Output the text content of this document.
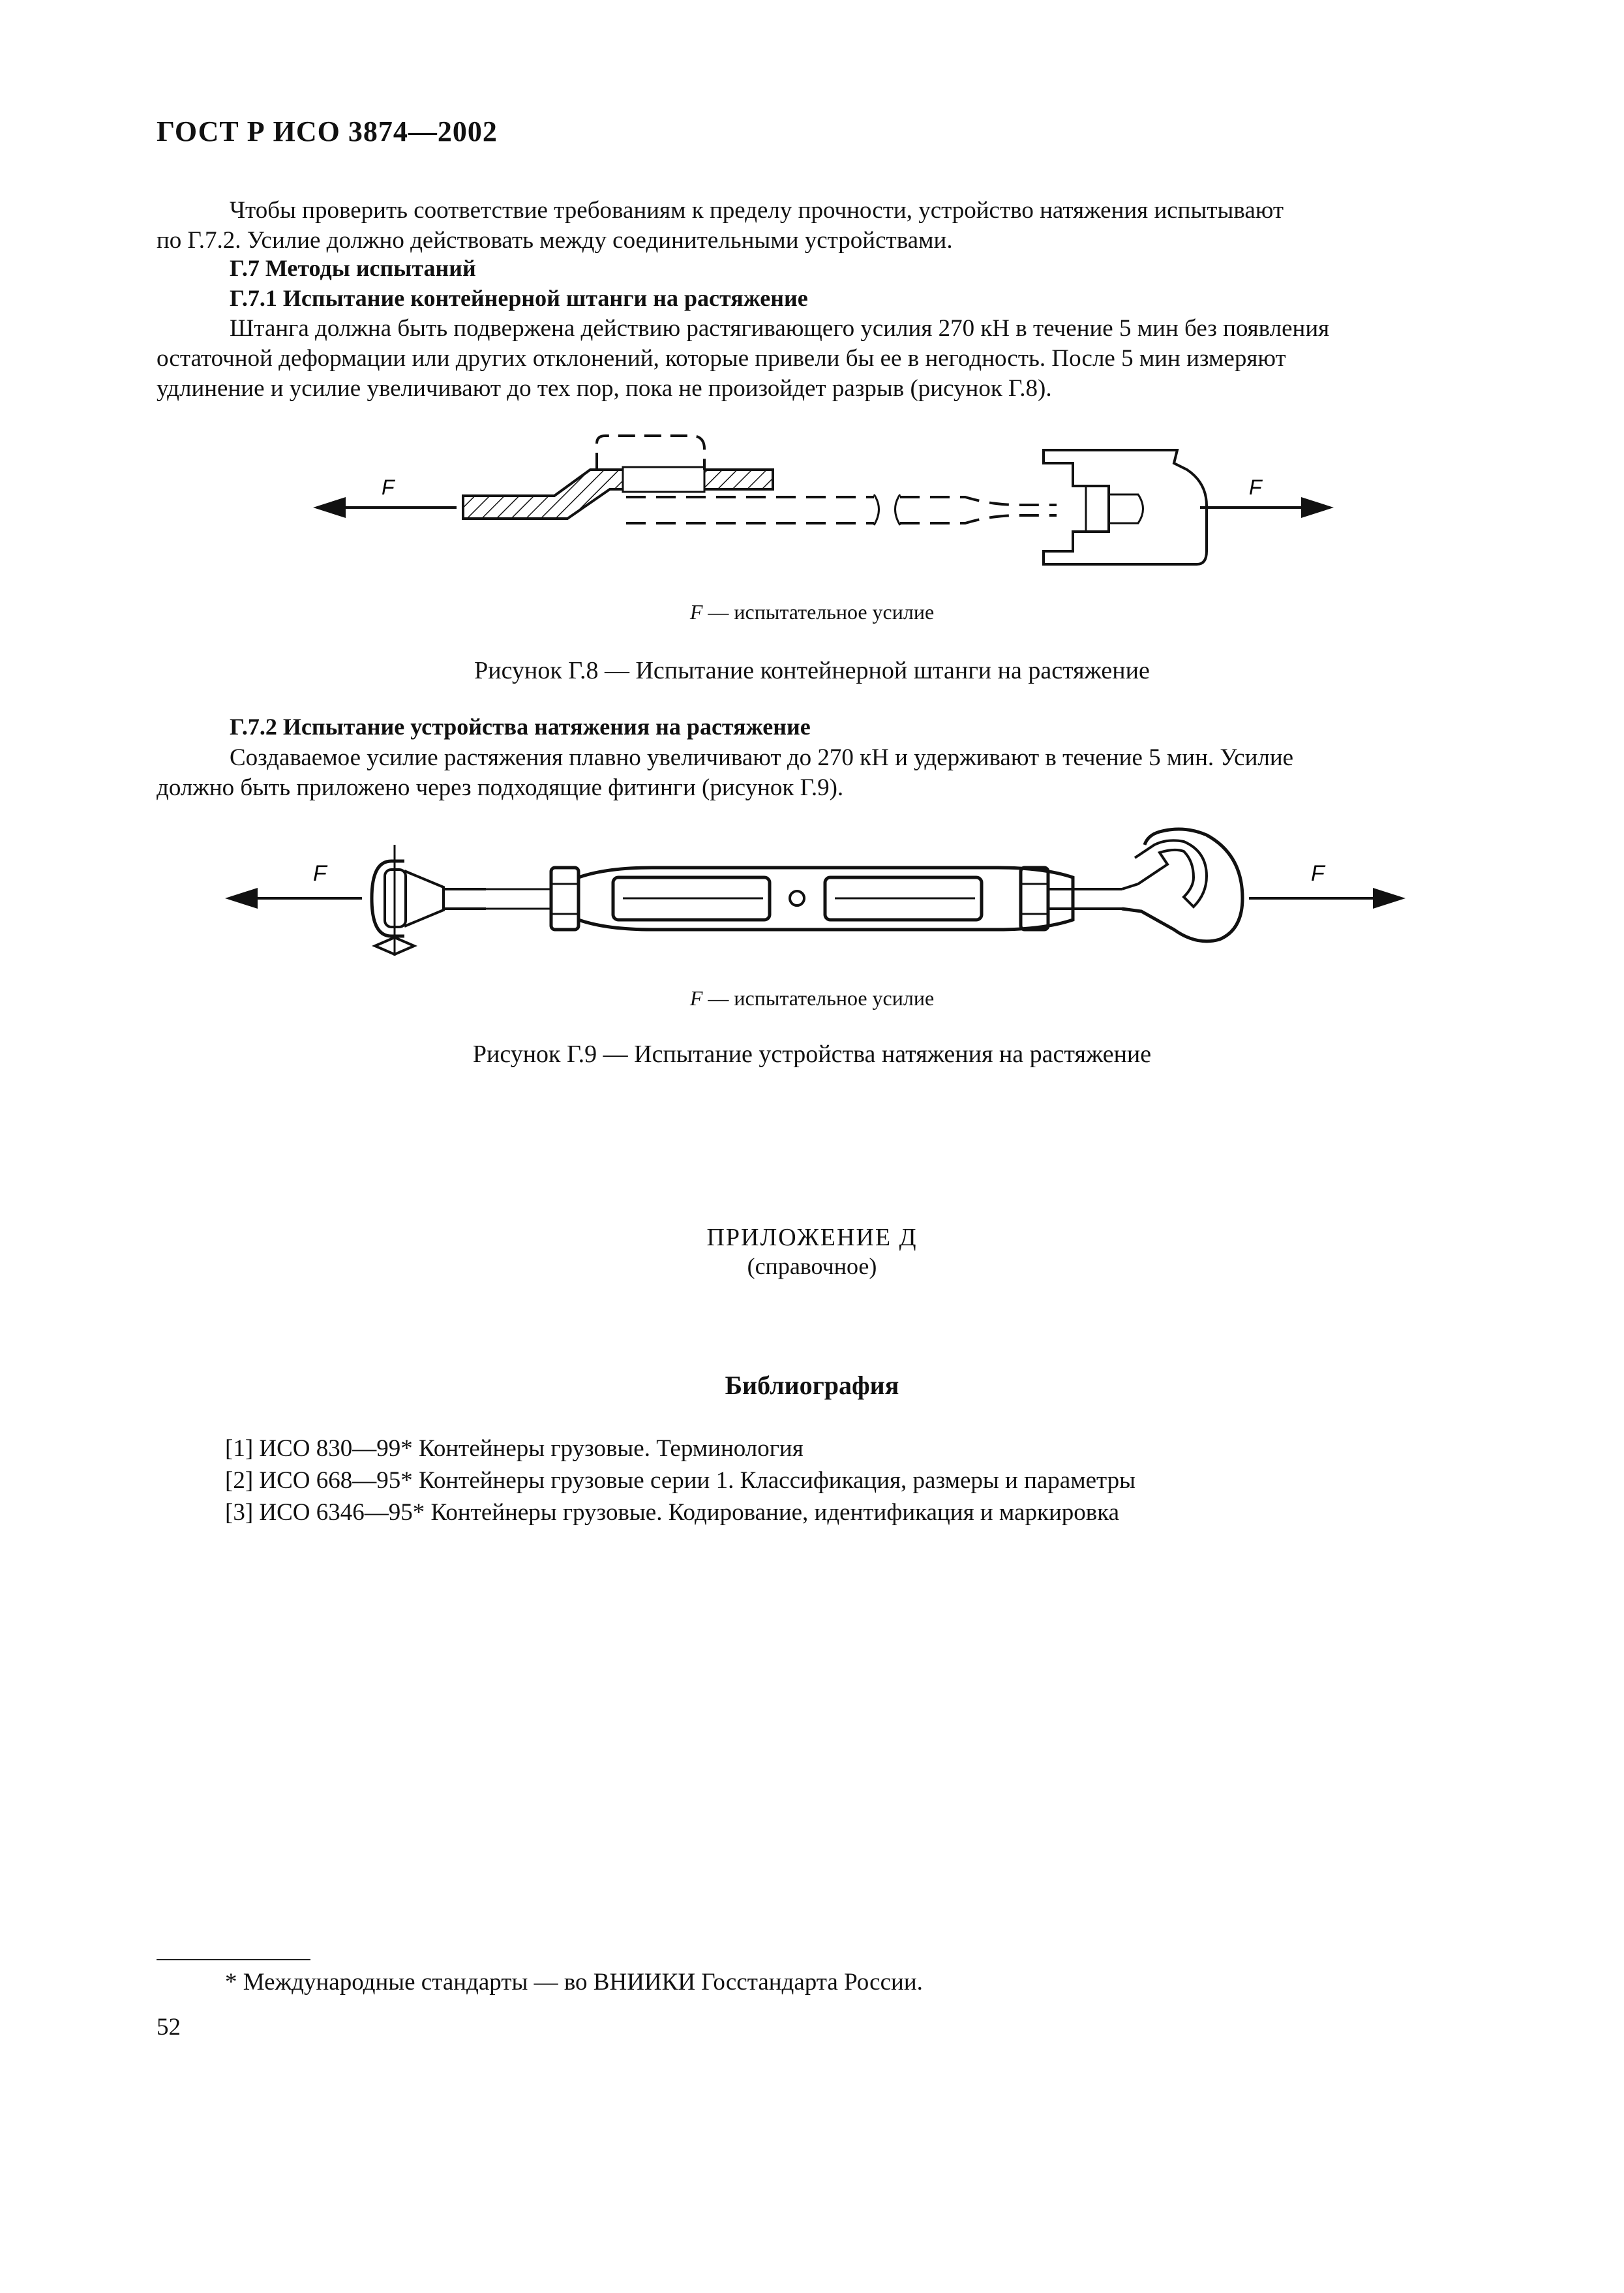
ГОСТ Р ИСО 3874—2002
Чтобы проверить соответствие требованиям к пределу прочности, устройство натяжения испытывают
по Г.7.2. Усилие должно действовать между соединительными устройствами.
Г.7 Методы испытаний
Г.7.1 Испытание контейнерной штанги на растяжение
Штанга должна быть подвержена действию растягивающего усилия 270 кН в течение 5 мин без появления
остаточной деформации или других отклонений, которые привели бы ее в негодность. После 5 мин измеряют
удлинение и усилие увеличивают до тех пор, пока не произойдет разрыв (рисунок Г.8).
F	F
F — испытательное усилие
Рисунок Г.8 — Испытание контейнерной штанги на растяжение
Г.7.2 Испытание устройства натяжения на растяжение
Создаваемое усилие растяжения плавно увеличивают до 270 кН и удерживают в течение 5 мин. Усилие
должно быть приложено через подходящие фитинги (рисунок Г.9).
F	F
F — испытательное усилие
Рисунок Г.9 — Испытание устройства натяжения на растяжение
ПРИЛОЖЕНИЕ Д
(справочное)
Библиография
[1] ИСО 830—99* Контейнеры грузовые. Терминология
[2] ИСО 668—95* Контейнеры грузовые серии 1. Классификация, размеры и параметры
[3] ИСО 6346—95* Контейнеры грузовые. Кодирование, идентификация и маркировка
* Международные стандарты — во ВНИИКИ Госстандарта России.
52
